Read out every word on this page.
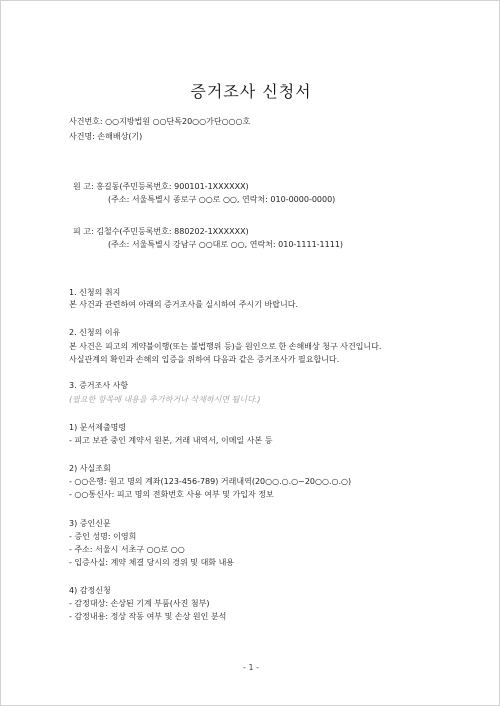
증거조사 신청서
사건번호: ○○지방법원 ○○단독20○○가단○○○호
사건명: 손해배상(기)
원 고: 홍길동(주민등록번호: 900101-1XXXXXX)
(주소: 서울특별시 종로구 ○○로 ○○, 연락처: 010-0000-0000)
피 고: 김철수(주민등록번호: 880202-1XXXXXX)
(주소: 서울특별시 강남구 ○○대로 ○○, 연락처: 010-1111-1111)
1. 신청의 취지
본 사건과 관련하여 아래의 증거조사를 실시하여 주시기 바랍니다.
2. 신청의 이유
본 사건은 피고의 계약불이행(또는 불법행위 등)을 원인으로 한 손해배상 청구 사건입니다.
사실관계의 확인과 손해의 입증을 위하여 다음과 같은 증거조사가 필요합니다.
3. 증거조사 사항
(필요한 항목에 내용을 추가하거나 삭제하시면 됩니다.)
1) 문서제출명령
- 피고 보관 중인 계약서 원본, 거래 내역서, 이메일 사본 등
2) 사실조회
- ○○은행: 원고 명의 계좌(123-456-789) 거래내역(20○○.○.○~20○○.○.○)
- ○○통신사: 피고 명의 전화번호 사용 여부 및 가입자 정보
3) 증인신문
- 증인 성명: 이영희
- 주소: 서울시 서초구 ○○로 ○○
- 입증사실: 계약 체결 당시의 경위 및 대화 내용
4) 감정신청
- 감정대상: 손상된 기계 부품(사진 첨부)
- 감정내용: 정상 작동 여부 및 손상 원인 분석
- 1 -
